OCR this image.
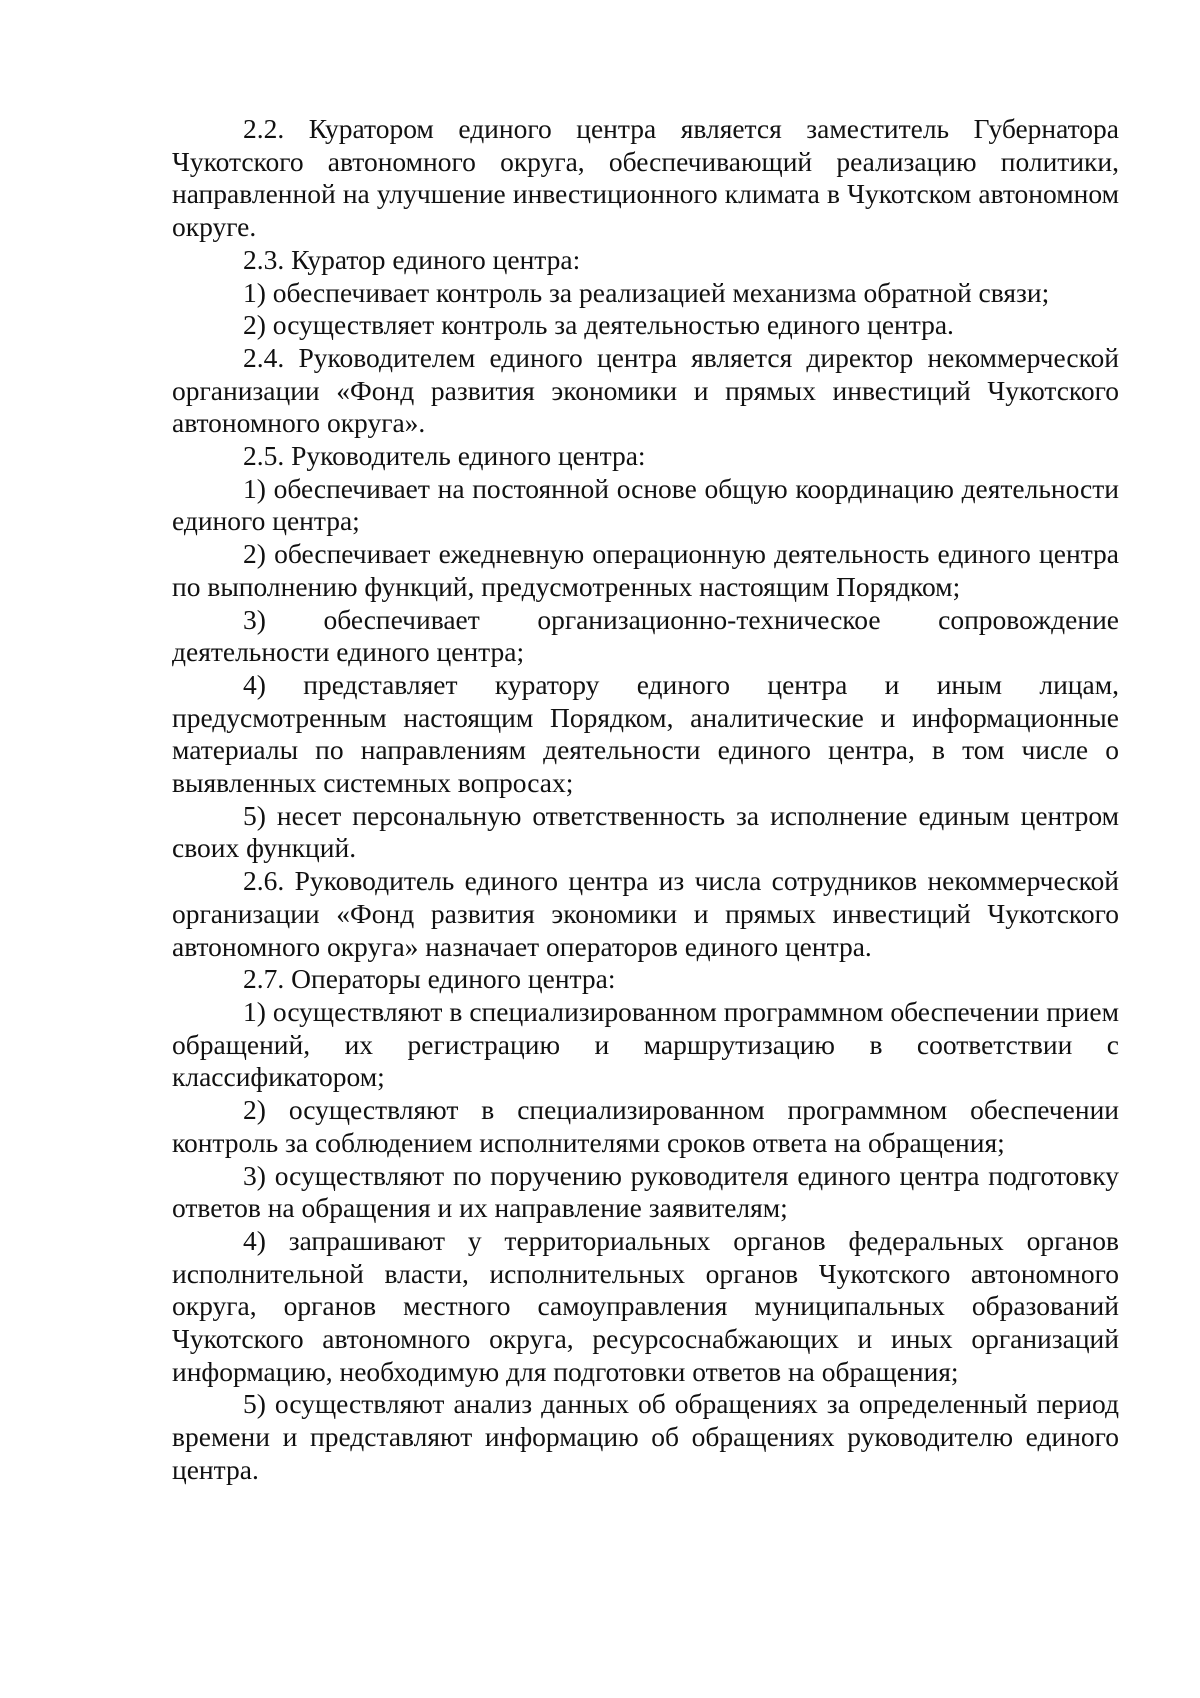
2.2. Куратором единого центра является заместитель Губернатора Чукотского автономного округа, обеспечивающий реализацию политики, направленной на улучшение инвестиционного климата в Чукотском автономном округе.

2.3. Куратор единого центра:

1) обеспечивает контроль за реализацией механизма обратной связи;

2) осуществляет контроль за деятельностью единого центра.

2.4. Руководителем единого центра является директор некоммерческой организации «Фонд развития экономики и прямых инвестиций Чукотского автономного округа».

2.5. Руководитель единого центра:

1) обеспечивает на постоянной основе общую координацию деятельности единого центра;

2) обеспечивает ежедневную операционную деятельность единого центра по выполнению функций, предусмотренных настоящим Порядком;

3) обеспечивает организационно-техническое сопровождение деятельности единого центра;

4) представляет куратору единого центра и иным лицам, предусмотренным настоящим Порядком, аналитические и информационные материалы по направлениям деятельности единого центра, в том числе о выявленных системных вопросах;

5) несет персональную ответственность за исполнение единым центром своих функций.

2.6. Руководитель единого центра из числа сотрудников некоммерческой организации «Фонд развития экономики и прямых инвестиций Чукотского автономного округа» назначает операторов единого центра.

2.7. Операторы единого центра:

1) осуществляют в специализированном программном обеспечении прием обращений, их регистрацию и маршрутизацию в соответствии с классификатором;

2) осуществляют в специализированном программном обеспечении контроль за соблюдением исполнителями сроков ответа на обращения;

3) осуществляют по поручению руководителя единого центра подготовку ответов на обращения и их направление заявителям;

4) запрашивают у территориальных органов федеральных органов исполнительной власти, исполнительных органов Чукотского автономного округа, органов местного самоуправления муниципальных образований Чукотского автономного округа, ресурсоснабжающих и иных организаций информацию, необходимую для подготовки ответов на обращения;

5) осуществляют анализ данных об обращениях за определенный период времени и представляют информацию об обращениях руководителю единого центра.
